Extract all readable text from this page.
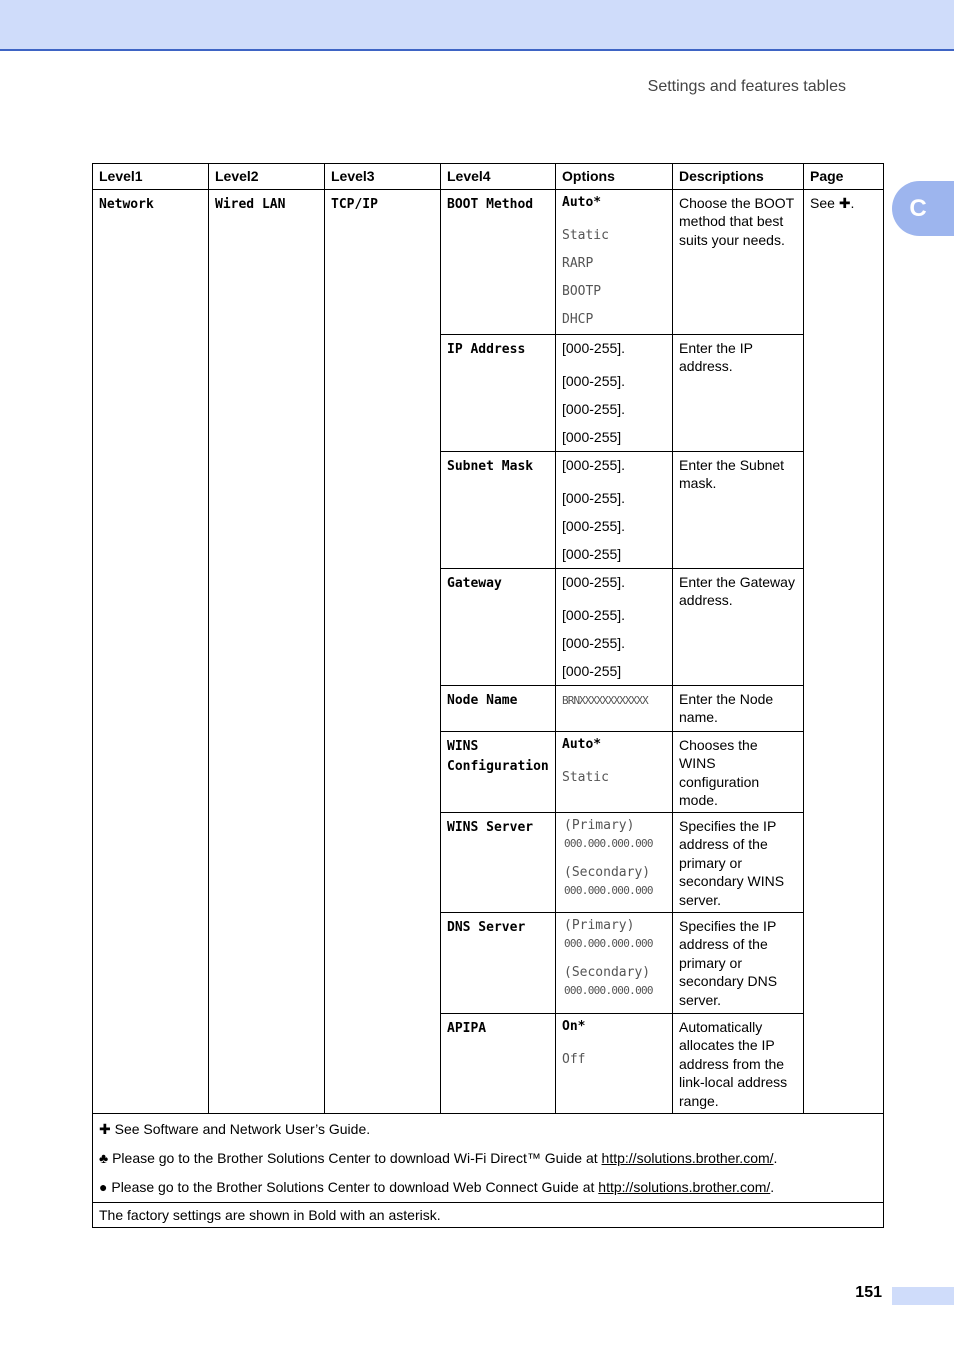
Settings and features tables
C
Level1	Level2	Level3	Level4	Options	Descriptions	Page
Network	Wired LAN	TCP/IP	BOOT Method	Auto*
Static
RARP
BOOTP
DHCP	Choose the BOOT method that best suits your needs.	See ✚.
			IP Address	[000-255].
[000-255].
[000-255].
[000-255]	Enter the IP address.	
			Subnet Mask	[000-255].
[000-255].
[000-255].
[000-255]	Enter the Subnet mask.	
			Gateway	[000-255].
[000-255].
[000-255].
[000-255]	Enter the Gateway address.	
			Node Name	BRNXXXXXXXXXXXX	Enter the Node name.	
			WINS Configuration	Auto*
Static	Chooses the WINS configuration mode.	
			WINS Server	(Primary)
000.000.000.000
(Secondary)
000.000.000.000	Specifies the IP address of the primary or secondary WINS server.	
			DNS Server	(Primary)
000.000.000.000
(Secondary)
000.000.000.000	Specifies the IP address of the primary or secondary DNS server.	
			APIPA	On*
Off	Automatically allocates the IP address from the link-local address range.	

✚ See Software and Network User’s Guide.
♣ Please go to the Brother Solutions Center to download Wi-Fi Direct™ Guide at http://solutions.brother.com/.
● Please go to the Brother Solutions Center to download Web Connect Guide at http://solutions.brother.com/.						

The factory settings are shown in Bold with an asterisk.						
151
